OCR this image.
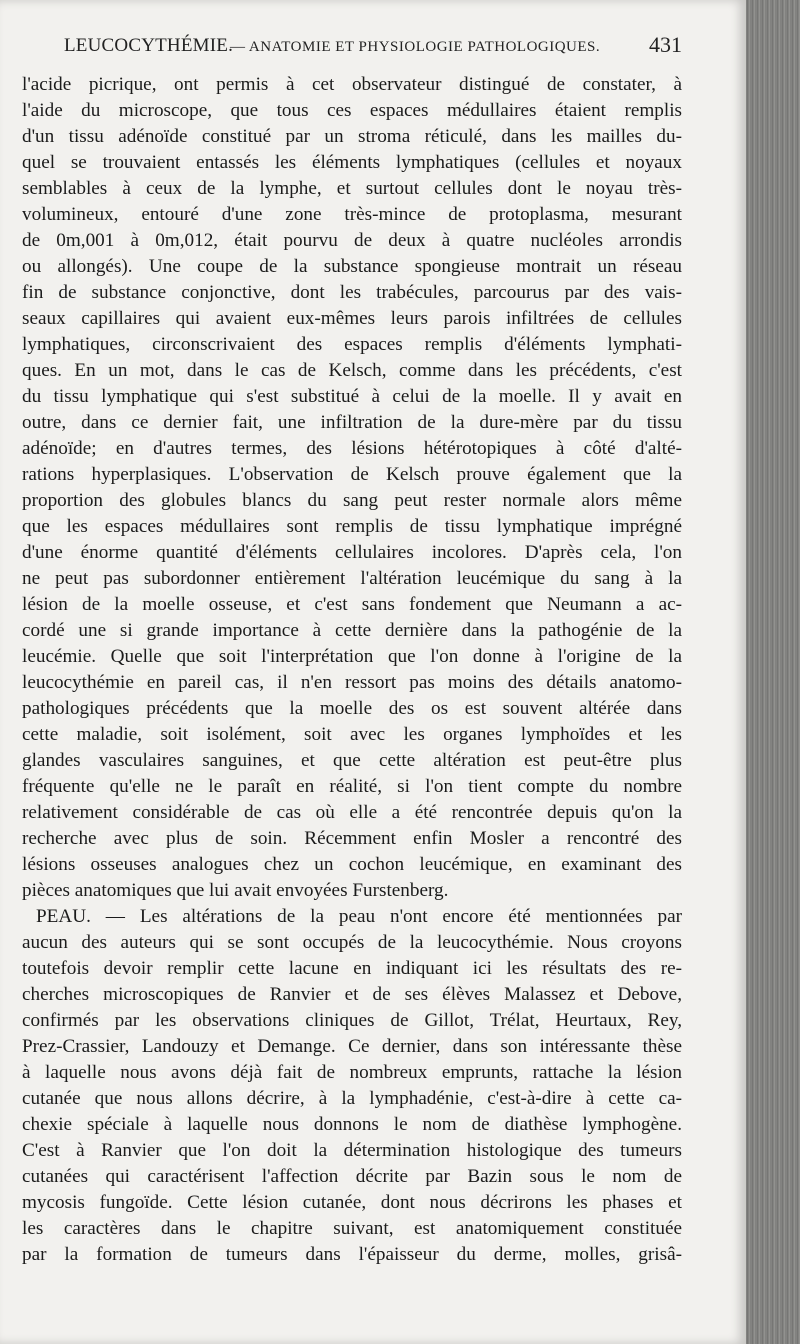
LEUCOCYTHÉMIE.
— ANATOMIE ET PHYSIOLOGIE PATHOLOGIQUES. 431
l'acide picrique, ont permis à cet observateur distingué de constater, à
l'aide du microscope, que tous ces espaces médullaires étaient remplis
d'un tissu adénoïde constitué par un stroma réticulé, dans les mailles du-
quel se trouvaient entassés les éléments lymphatiques (cellules et noyaux
semblables à ceux de la lymphe, et surtout cellules dont le noyau très-
volumineux, entouré d'une zone très-mince de protoplasma, mesurant
de 0m,001 à 0m,012, était pourvu de deux à quatre nucléoles arrondis
ou allongés). Une coupe de la substance spongieuse montrait un réseau
fin de substance conjonctive, dont les trabécules, parcourus par des vais-
seaux capillaires qui avaient eux-mêmes leurs parois infiltrées de cellules
lymphatiques, circonscrivaient des espaces remplis d'éléments lymphati-
ques. En un mot, dans le cas de Kelsch, comme dans les précédents, c'est
du tissu lymphatique qui s'est substitué à celui de la moelle. Il y avait en
outre, dans ce dernier fait, une infiltration de la dure-mère par du tissu
adénoïde; en d'autres termes, des lésions hétérotopiques à côté d'alté-
rations hyperplasiques. L'observation de Kelsch prouve également que la
proportion des globules blancs du sang peut rester normale alors même
que les espaces médullaires sont remplis de tissu lymphatique imprégné
d'une énorme quantité d'éléments cellulaires incolores. D'après cela, l'on
ne peut pas subordonner entièrement l'altération leucémique du sang à la
lésion de la moelle osseuse, et c'est sans fondement que Neumann a ac-
cordé une si grande importance à cette dernière dans la pathogénie de la
leucémie. Quelle que soit l'interprétation que l'on donne à l'origine de la
leucocythémie en pareil cas, il n'en ressort pas moins des détails anatomo-
pathologiques précédents que la moelle des os est souvent altérée dans
cette maladie, soit isolément, soit avec les organes lymphoïdes et les
glandes vasculaires sanguines, et que cette altération est peut-être plus
fréquente qu'elle ne le paraît en réalité, si l'on tient compte du nombre
relativement considérable de cas où elle a été rencontrée depuis qu'on la
recherche avec plus de soin. Récemment enfin Mosler a rencontré des
lésions osseuses analogues chez un cochon leucémique, en examinant des
pièces anatomiques que lui avait envoyées Furstenberg.
PEAU. — Les altérations de la peau n'ont encore été mentionnées par
aucun des auteurs qui se sont occupés de la leucocythémie. Nous croyons
toutefois devoir remplir cette lacune en indiquant ici les résultats des re-
cherches microscopiques de Ranvier et de ses élèves Malassez et Debove,
confirmés par les observations cliniques de Gillot, Trélat, Heurtaux, Rey,
Prez-Crassier, Landouzy et Demange. Ce dernier, dans son intéressante thèse
à laquelle nous avons déjà fait de nombreux emprunts, rattache la lésion
cutanée que nous allons décrire, à la lymphadénie, c'est-à-dire à cette ca-
chexie spéciale à laquelle nous donnons le nom de diathèse lymphogène.
C'est à Ranvier que l'on doit la détermination histologique des tumeurs
cutanées qui caractérisent l'affection décrite par Bazin sous le nom de
mycosis fungoïde. Cette lésion cutanée, dont nous décrirons les phases et
les caractères dans le chapitre suivant, est anatomiquement constituée
par la formation de tumeurs dans l'épaisseur du derme, molles, grisâ-
